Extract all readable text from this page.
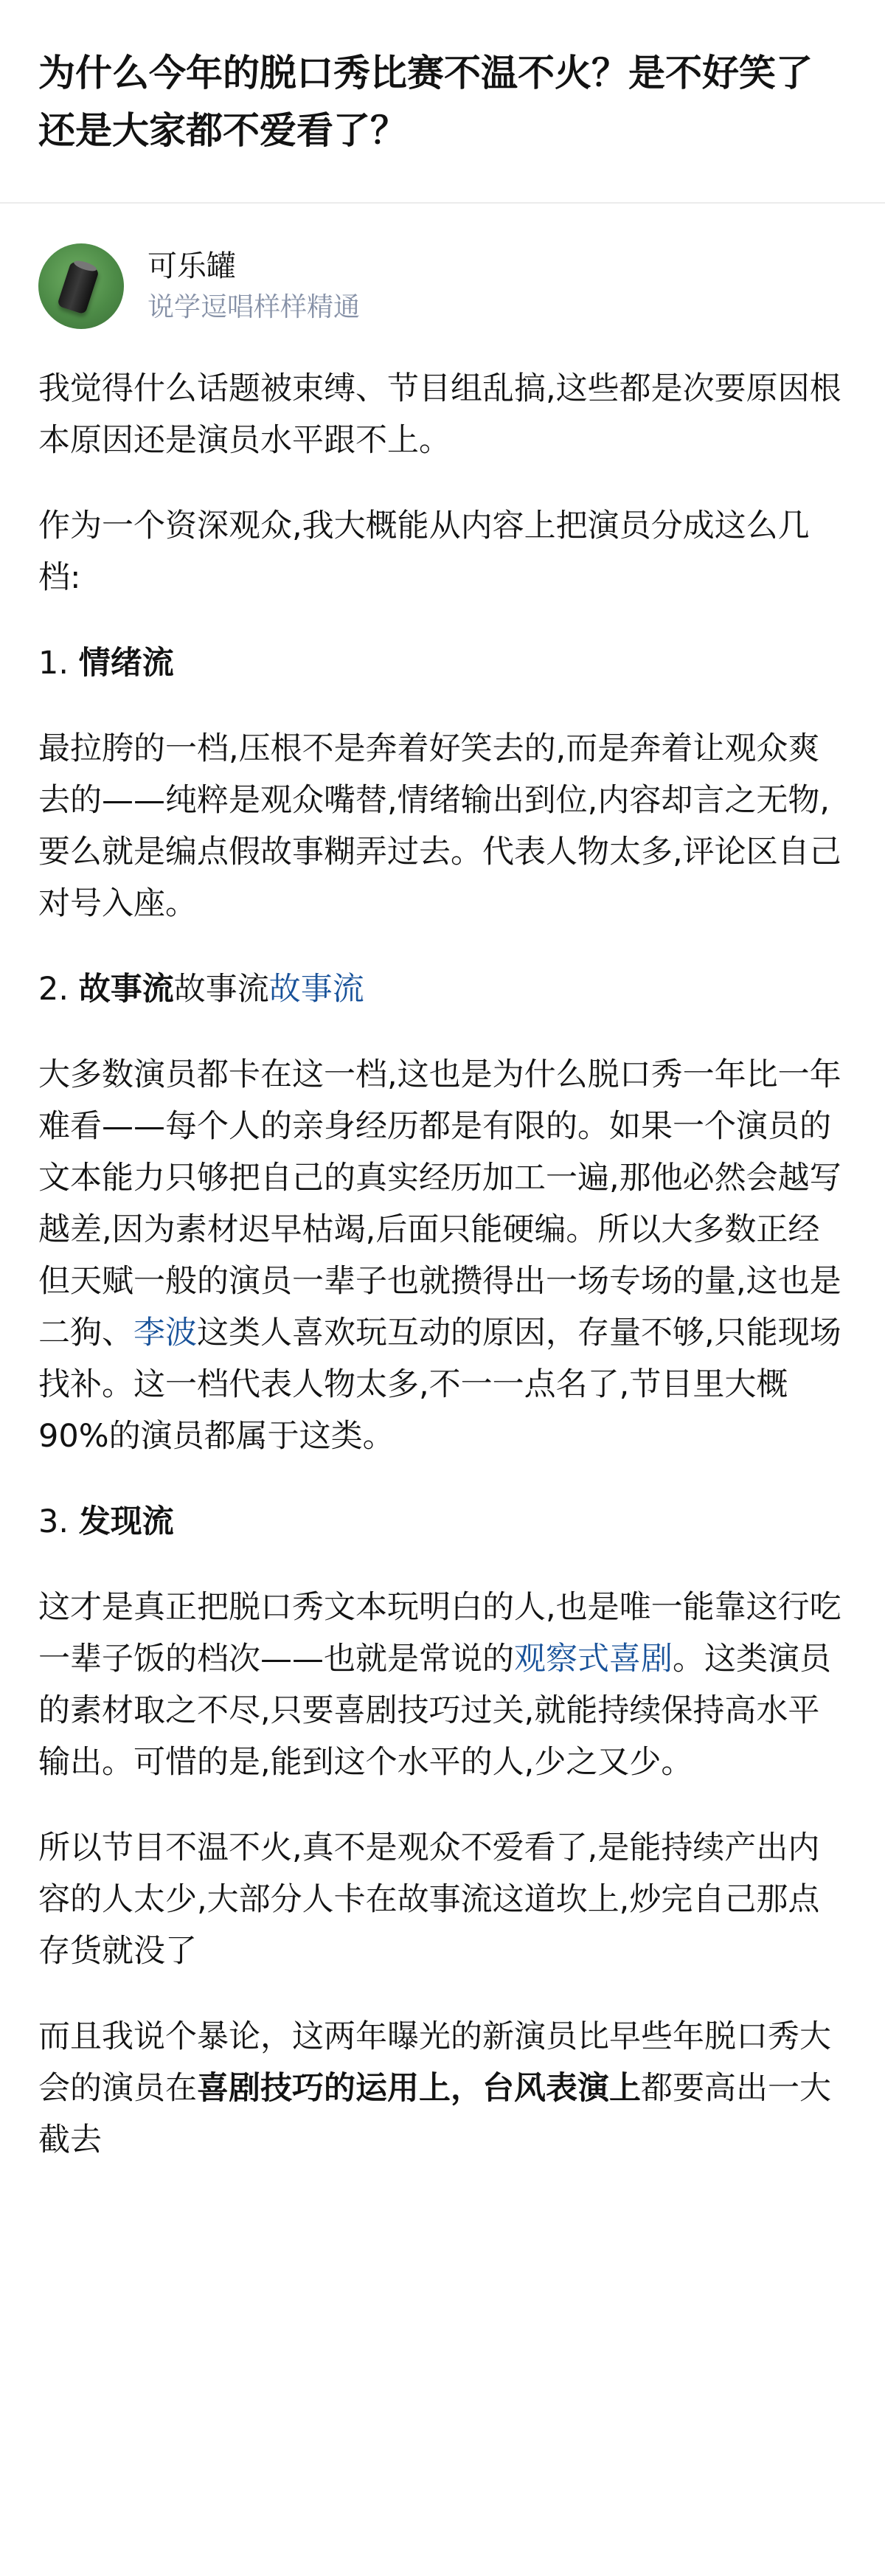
为什么今年的脱口秀比赛不温不火？是不好笑了还是大家都不爱看了？
可乐罐
说学逗唱样样精通

我觉得什么话题被束缚、节目组乱搞,这些都是次要原因根本原因还是演员水平跟不上。

作为一个资深观众,我大概能从内容上把演员分成这么几档:

1. 情绪流

最拉胯的一档,压根不是奔着好笑去的,而是奔着让观众爽去的——纯粹是观众嘴替,情绪输出到位,内容却言之无物,要么就是编点假故事糊弄过去。代表人物太多,评论区自己对号入座。

2. 故事流故事流故事流

大多数演员都卡在这一档,这也是为什么脱口秀一年比一年难看——每个人的亲身经历都是有限的。如果一个演员的文本能力只够把自己的真实经历加工一遍,那他必然会越写越差,因为素材迟早枯竭,后面只能硬编。所以大多数正经但天赋一般的演员一辈子也就攒得出一场专场的量,这也是二狗、李波这类人喜欢玩互动的原因，存量不够,只能现场找补。这一档代表人物太多,不一一点名了,节目里大概90%的演员都属于这类。

3. 发现流

这才是真正把脱口秀文本玩明白的人,也是唯一能靠这行吃一辈子饭的档次——也就是常说的观察式喜剧。这类演员的素材取之不尽,只要喜剧技巧过关,就能持续保持高水平输出。可惜的是,能到这个水平的人,少之又少。

所以节目不温不火,真不是观众不爱看了,是能持续产出内容的人太少,大部分人卡在故事流这道坎上,炒完自己那点存货就没了

而且我说个暴论，这两年曝光的新演员比早些年脱口秀大会的演员在喜剧技巧的运用上，台风表演上都要高出一大截去
